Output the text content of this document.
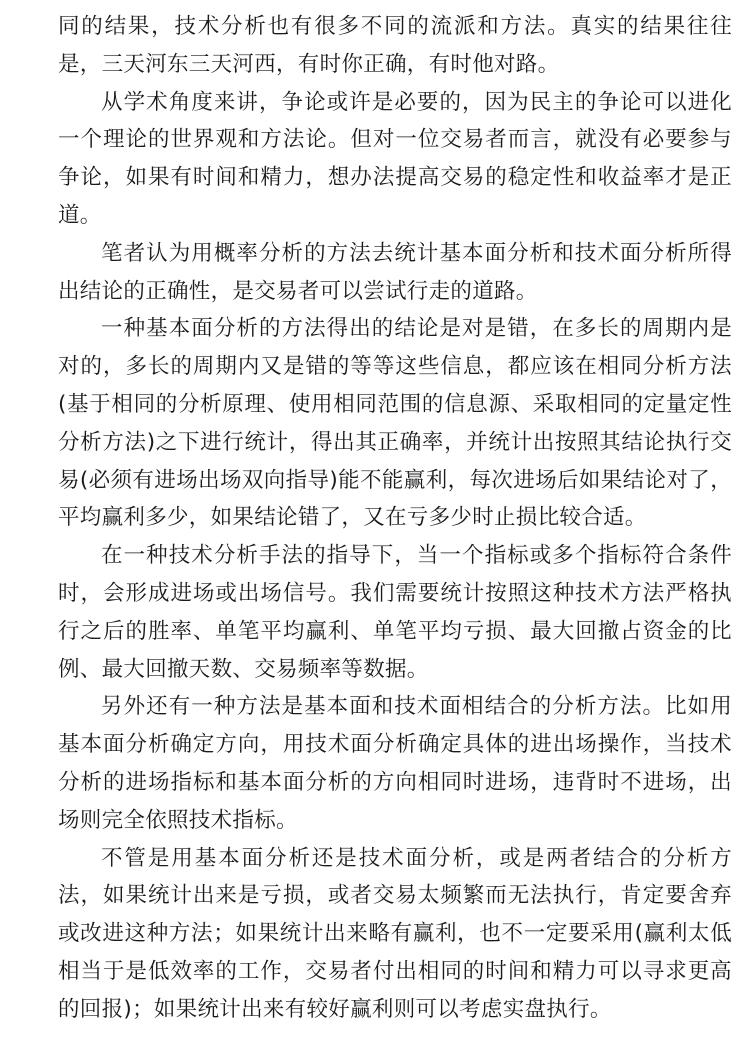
同的结果，技术分析也有很多不同的流派和方法。真实的结果往往是，三天河东三天河西，有时你正确，有时他对路。

从学术角度来讲，争论或许是必要的，因为民主的争论可以进化一个理论的世界观和方法论。但对一位交易者而言，就没有必要参与争论，如果有时间和精力，想办法提高交易的稳定性和收益率才是正道。

笔者认为用概率分析的方法去统计基本面分析和技术面分析所得出结论的正确性，是交易者可以尝试行走的道路。

一种基本面分析的方法得出的结论是对是错，在多长的周期内是对的，多长的周期内又是错的等等这些信息，都应该在相同分析方法(基于相同的分析原理、使用相同范围的信息源、采取相同的定量定性分析方法)之下进行统计，得出其正确率，并统计出按照其结论执行交易(必须有进场出场双向指导)能不能赢利，每次进场后如果结论对了，平均赢利多少，如果结论错了，又在亏多少时止损比较合适。

在一种技术分析手法的指导下，当一个指标或多个指标符合条件时，会形成进场或出场信号。我们需要统计按照这种技术方法严格执行之后的胜率、单笔平均赢利、单笔平均亏损、最大回撤占资金的比例、最大回撤天数、交易频率等数据。

另外还有一种方法是基本面和技术面相结合的分析方法。比如用基本面分析确定方向，用技术面分析确定具体的进出场操作，当技术分析的进场指标和基本面分析的方向相同时进场，违背时不进场，出场则完全依照技术指标。

不管是用基本面分析还是技术面分析，或是两者结合的分析方法，如果统计出来是亏损，或者交易太频繁而无法执行，肯定要舍弃或改进这种方法；如果统计出来略有赢利，也不一定要采用(赢利太低相当于是低效率的工作，交易者付出相同的时间和精力可以寻求更高的回报)；如果统计出来有较好赢利则可以考虑实盘执行。
